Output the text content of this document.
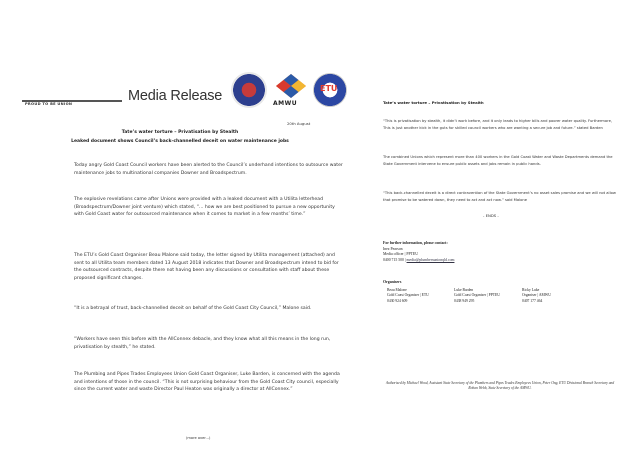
PROUD TO BE UNION	Media Release	AMWU
ETU
20th August
Tate’s water torture – Privatisation by Stealth
Leaked document shows Council’s back-channelled deceit on water maintenance jobs

Today angry Gold Coast Council workers have been alerted to the Council’s underhand intentions to outsource water maintenance jobs to multinational companies Downer and Broadspectrum.

The explosive revelations came after Unions were provided with a leaked document with a Utilita letterhead (Broadspectrum/Downer joint venture) which stated, “... how we are best positioned to pursue a new opportunity with Gold Coast water for outsourced maintenance when it comes to market in a few months’ time.”

The ETU’s Gold Coast Organiser Beau Malone said today, the letter signed by Utilita management (attached) and sent to all Utilita team members dated 13 August 2018 indicates that Downer and Broadspectrum intend to bid for the outsourced contracts, despite there not having been any discussions or consultation with staff about these proposed significant changes.

“It is a betrayal of trust, back-channelled deceit on behalf of the Gold Coast City Council,” Malone said.

“Workers have seen this before with the AllConnex debacle, and they know what all this means in the long run, privatisation by stealth,” he stated.

The Plumbing and Pipes Trades Employees Union Gold Coast Organiser, Luke Barden, is concerned with the agenda and intentions of those in the council. “This is not surprising behaviour from the Gold Coast City council, especially since the current water and waste Director Paul Heaton was originally a director at AllConnex.”

(more over...)
Tate’s water torture – Privatisation by Stealth

“This is privatisation by stealth, it didn’t work before, and it only leads to higher bills and poorer water quality. Furthermore, This is just another kick in the guts for skilled council workers who are wanting a secure job and future.” stated Barden

The combined Unions which represent more than 400 workers in the Gold Coast Water and Waste Departments demand the State Government intervene to ensure public assets and jobs remain in public hands.

“This back-channelled deceit is a direct contravention of the State Government’s no asset sales promise and we will not allow that promise to be watered down, they need to act and act now.” said Malone

- ENDS -
For further information, please contact:
Inez Pearson
Media officer | PPTEU
0400 715 500 | media@plumbersunionqld.com
Organisers
Beau Malone
Gold Coast Organiser | ETU
0430 924 609
Luke Barden
Gold Coast Organiser | PPTEU
0438 949 295
Ricky Luke
Organiser | AMWU
0407 177 464
Authorised by Michael Wood, Assistant State Secretary of the Plumbers and Pipes Trades Employees Union, Peter Ong, ETU Divisional Branch Secretary and Rohan Webb, State Secretary of the AMWU.
